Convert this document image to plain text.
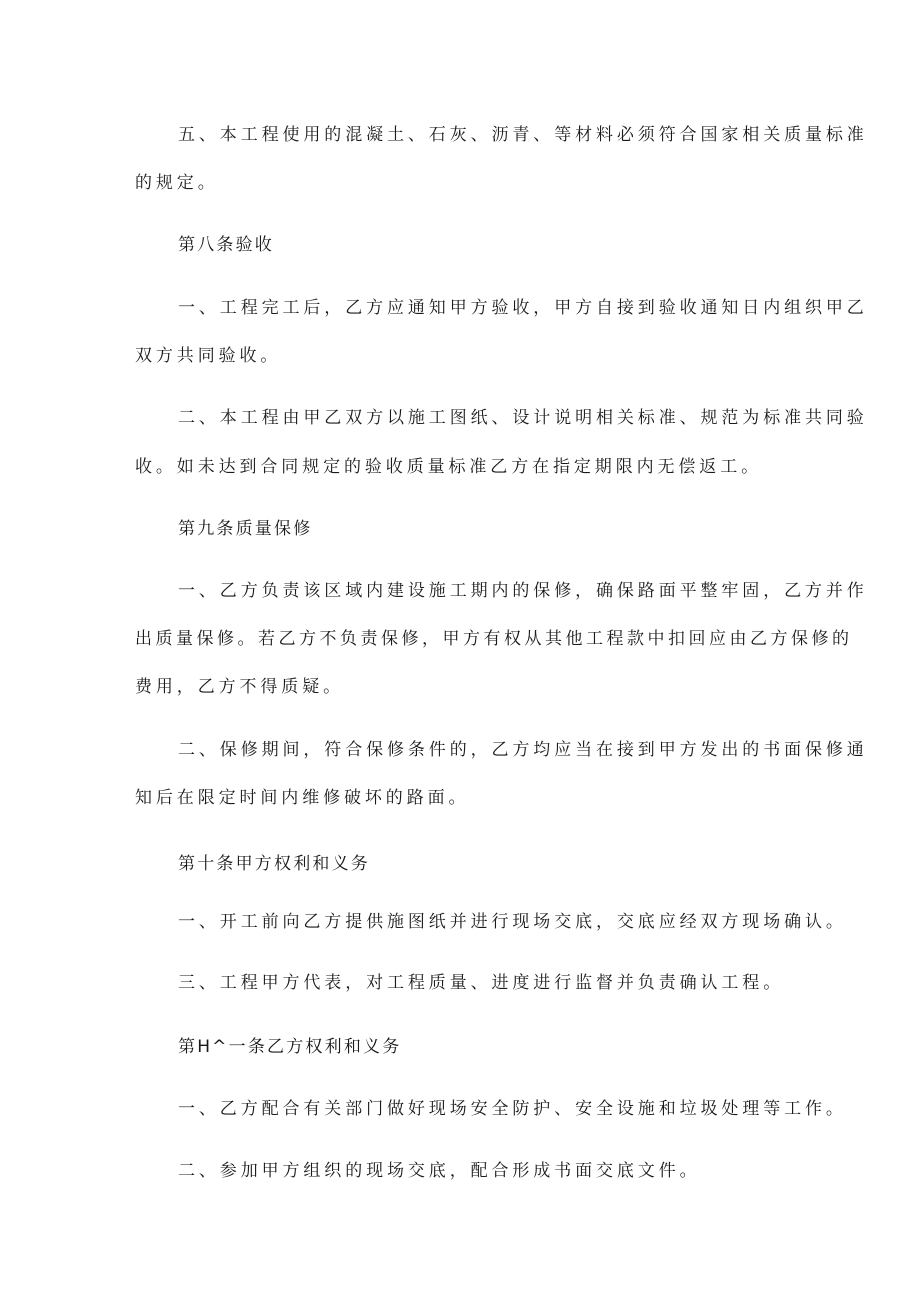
五、本工程使用的混凝土、石灰、沥青、等材料必须符合国家相关质量标准
的规定。
第八条验收
一、工程完工后，乙方应通知甲方验收，甲方自接到验收通知日内组织甲乙
双方共同验收。
二、本工程由甲乙双方以施工图纸、设计说明相关标准、规范为标准共同验
收。如未达到合同规定的验收质量标准乙方在指定期限内无偿返工。
第九条质量保修
一、乙方负责该区域内建设施工期内的保修，确保路面平整牢固，乙方并作
出质量保修。若乙方不负责保修，甲方有权从其他工程款中扣回应由乙方保修的
费用，乙方不得质疑。
二、保修期间，符合保修条件的，乙方均应当在接到甲方发出的书面保修通
知后在限定时间内维修破坏的路面。
第十条甲方权利和义务
一、开工前向乙方提供施图纸并进行现场交底，交底应经双方现场确认。
三、工程甲方代表，对工程质量、进度进行监督并负责确认工程。
第H^一条乙方权利和义务
一、乙方配合有关部门做好现场安全防护、安全设施和垃圾处理等工作。
二、参加甲方组织的现场交底，配合形成书面交底文件。
